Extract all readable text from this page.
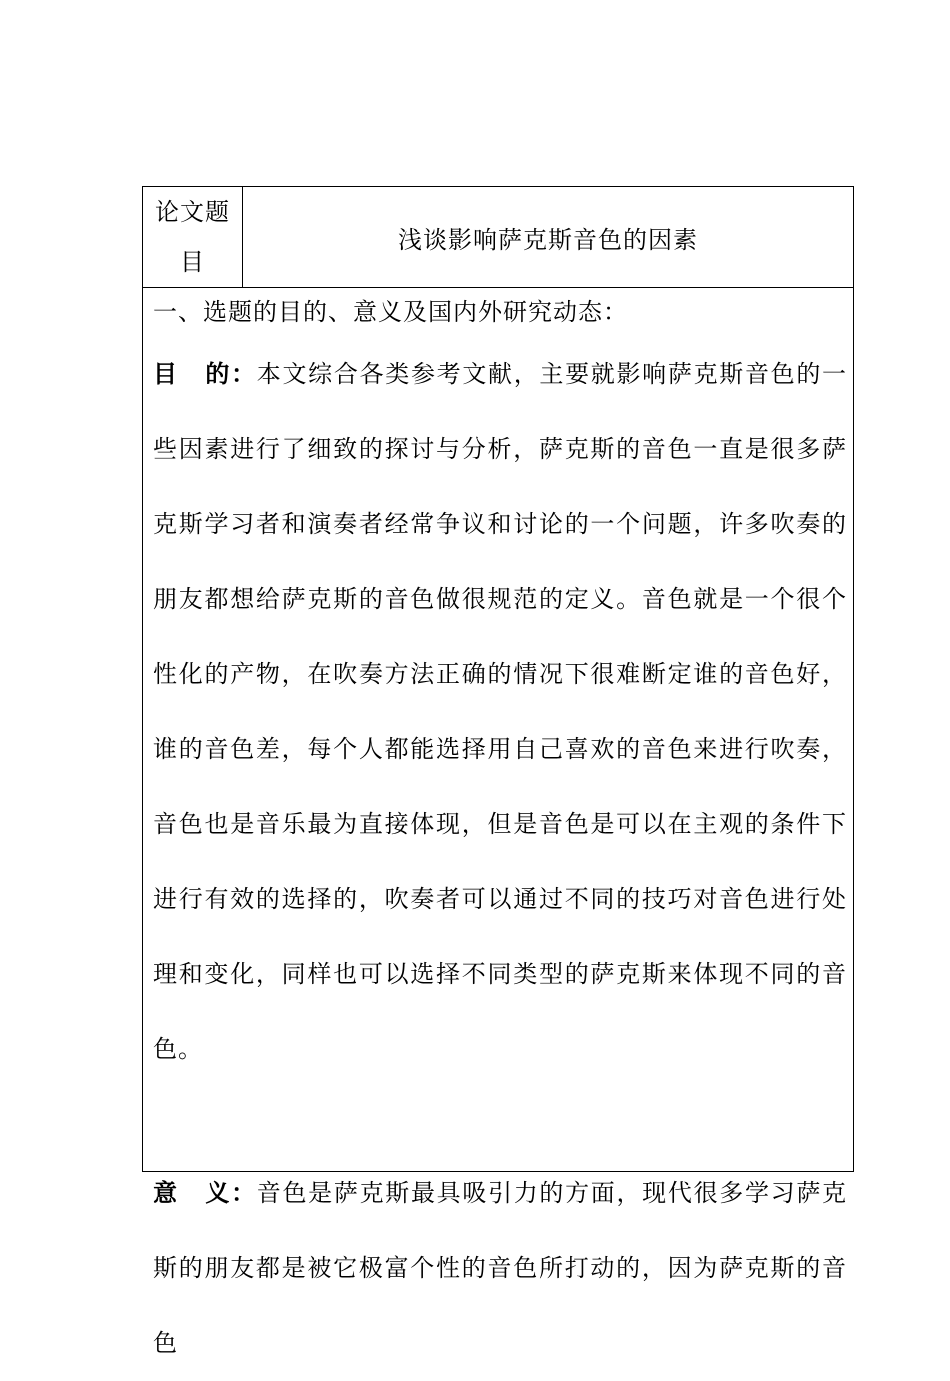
论文题目
浅谈影响萨克斯音色的因素

一、选题的目的、意义及国内外研究动态：

目 的：本文综合各类参考文献，主要就影响萨克斯音色的一些因素进行了细致的探讨与分析，萨克斯的音色一直是很多萨克斯学习者和演奏者经常争议和讨论的一个问题，许多吹奏的朋友都想给萨克斯的音色做很规范的定义。音色就是一个很个性化的产物，在吹奏方法正确的情况下很难断定谁的音色好，谁的音色差，每个人都能选择用自己喜欢的音色来进行吹奏，音色也是音乐最为直接体现，但是音色是可以在主观的条件下进行有效的选择的，吹奏者可以通过不同的技巧对音色进行处理和变化，同样也可以选择不同类型的萨克斯来体现不同的音色。

意 义：音色是萨克斯最具吸引力的方面，现代很多学习萨克斯的朋友都是被它极富个性的音色所打动的，因为萨克斯的音色
